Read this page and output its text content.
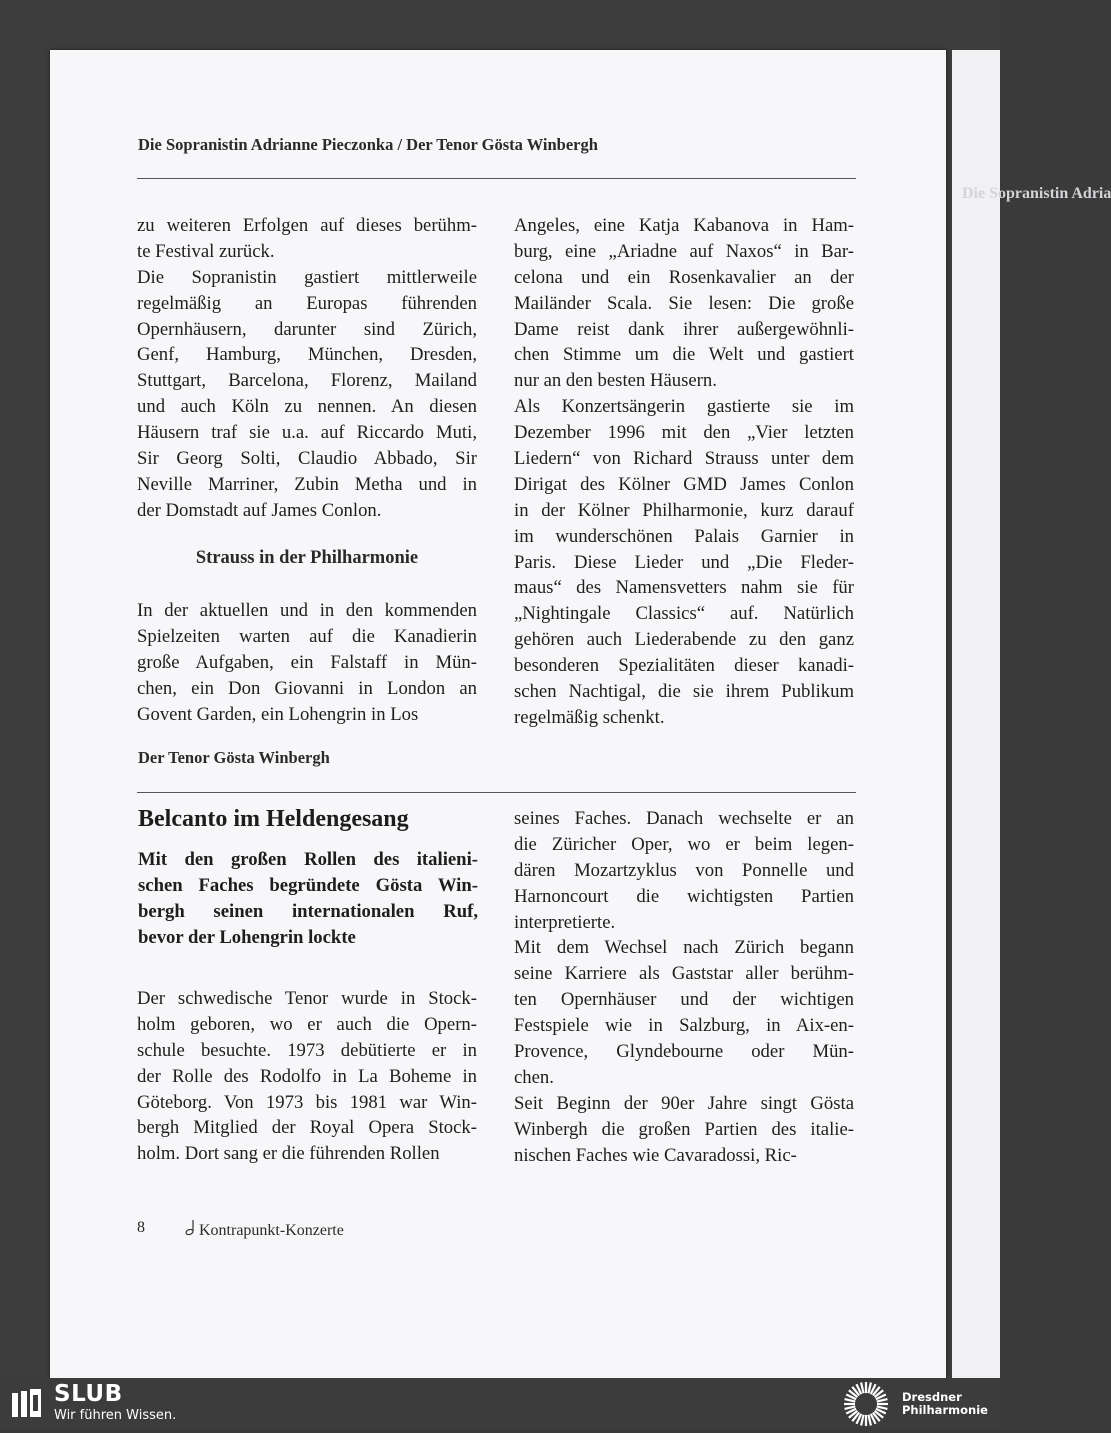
Die Sopranistin Adria
Die Sopranistin Adrianne Pieczonka / Der Tenor Gösta Winbergh
zu weiteren Erfolgen auf dieses berühm-
te Festival zurück.
Die Sopranistin gastiert mittlerweile
regelmäßig an Europas führenden
Opernhäusern, darunter sind Zürich,
Genf, Hamburg, München, Dresden,
Stuttgart, Barcelona, Florenz, Mailand
und auch Köln zu nennen. An diesen
Häusern traf sie u.a. auf Riccardo Muti,
Sir Georg Solti, Claudio Abbado, Sir
Neville Marriner, Zubin Metha und in
der Domstadt auf James Conlon.
Strauss in der Philharmonie
In der aktuellen und in den kommenden
Spielzeiten warten auf die Kanadierin
große Aufgaben, ein Falstaff in Mün-
chen, ein Don Giovanni in London an
Govent Garden, ein Lohengrin in Los
Angeles, eine Katja Kabanova in Ham-
burg, eine „Ariadne auf Naxos“ in Bar-
celona und ein Rosenkavalier an der
Mailänder Scala. Sie lesen: Die große
Dame reist dank ihrer außergewöhnli-
chen Stimme um die Welt und gastiert
nur an den besten Häusern.
Als Konzertsängerin gastierte sie im
Dezember 1996 mit den „Vier letzten
Liedern“ von Richard Strauss unter dem
Dirigat des Kölner GMD James Conlon
in der Kölner Philharmonie, kurz darauf
im wunderschönen Palais Garnier in
Paris. Diese Lieder und „Die Fleder-
maus“ des Namensvetters nahm sie für
„Nightingale Classics“ auf. Natürlich
gehören auch Liederabende zu den ganz
besonderen Spezialitäten dieser kanadi-
schen Nachtigal, die sie ihrem Publikum
regelmäßig schenkt.
Der Tenor Gösta Winbergh
Belcanto im Heldengesang
Mit den großen Rollen des italieni-
schen Faches begründete Gösta Win-
bergh seinen internationalen Ruf,
bevor der Lohengrin lockte
Der schwedische Tenor wurde in Stock-
holm geboren, wo er auch die Opern-
schule besuchte. 1973 debütierte er in
der Rolle des Rodolfo in La Boheme in
Göteborg. Von 1973 bis 1981 war Win-
bergh Mitglied der Royal Opera Stock-
holm. Dort sang er die führenden Rollen
seines Faches. Danach wechselte er an
die Züricher Oper, wo er beim legen-
dären Mozartzyklus von Ponnelle und
Harnoncourt die wichtigsten Partien
interpretierte.
Mit dem Wechsel nach Zürich begann
seine Karriere als Gaststar aller berühm-
ten Opernhäuser und der wichtigen
Festspiele wie in Salzburg, in Aix-en-
Provence, Glyndebourne oder Mün-
chen.
Seit Beginn der 90er Jahre singt Gösta
Winbergh die großen Partien des italie-
nischen Faches wie Cavaradossi, Ric-
8	Kontrapunkt-Konzerte
SLUB
Wir führen Wissen.
Dresdner
Philharmonie
